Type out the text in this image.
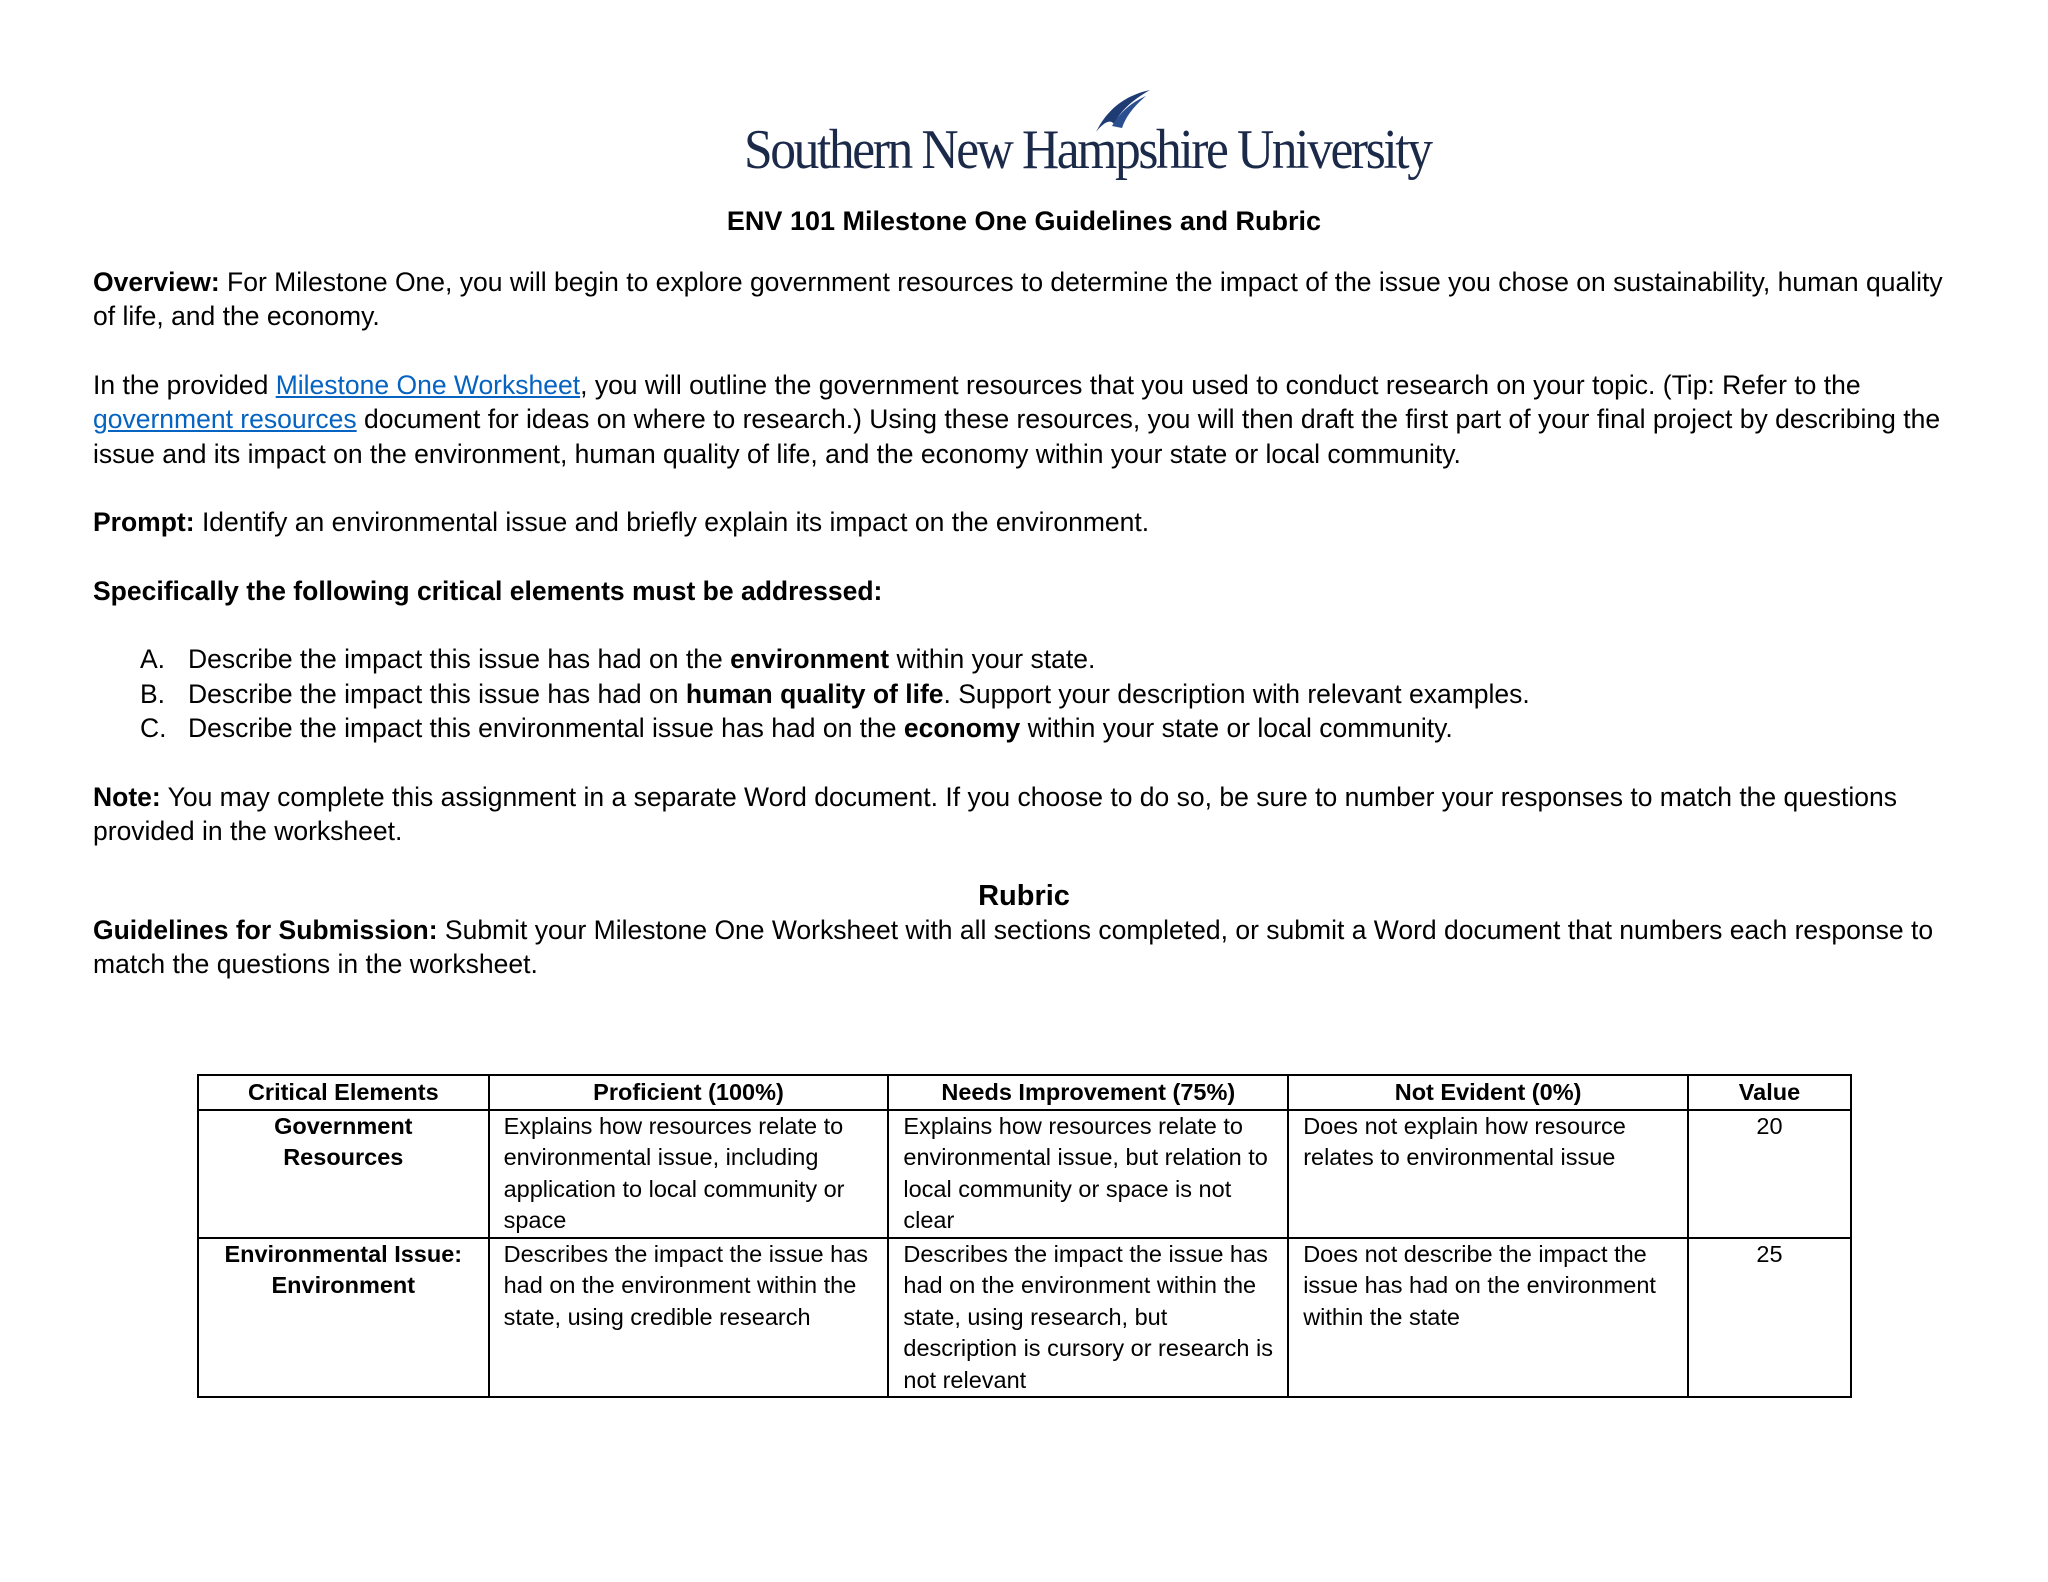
Southern New Hampshire University
ENV 101 Milestone One Guidelines and Rubric

Overview: For Milestone One, you will begin to explore government resources to determine the impact of the issue you chose on sustainability, human quality of life, and the economy.

In the provided Milestone One Worksheet, you will outline the government resources that you used to conduct research on your topic. (Tip: Refer to the government resources document for ideas on where to research.) Using these resources, you will then draft the first part of your final project by describing the issue and its impact on the environment, human quality of life, and the economy within your state or local community.

Prompt: Identify an environmental issue and briefly explain its impact on the environment.

Specifically the following critical elements must be addressed:

A. Describe the impact this issue has had on the environment within your state.
B. Describe the impact this issue has had on human quality of life. Support your description with relevant examples.
C. Describe the impact this environmental issue has had on the economy within your state or local community.

Note: You may complete this assignment in a separate Word document. If you choose to do so, be sure to number your responses to match the questions provided in the worksheet.

Rubric

Guidelines for Submission: Submit your Milestone One Worksheet with all sections completed, or submit a Word document that numbers each response to match the questions in the worksheet.

Critical Elements	Proficient (100%)	Needs Improvement (75%)	Not Evident (0%)	Value
Government Resources	Explains how resources relate to environmental issue, including application to local community or space	Explains how resources relate to environmental issue, but relation to local community or space is not clear	Does not explain how resource relates to environmental issue	20
Environmental Issue: Environment	Describes the impact the issue has had on the environment within the state, using credible research	Describes the impact the issue has had on the environment within the state, using research, but description is cursory or research is not relevant	Does not describe the impact the issue has had on the environment within the state	25
